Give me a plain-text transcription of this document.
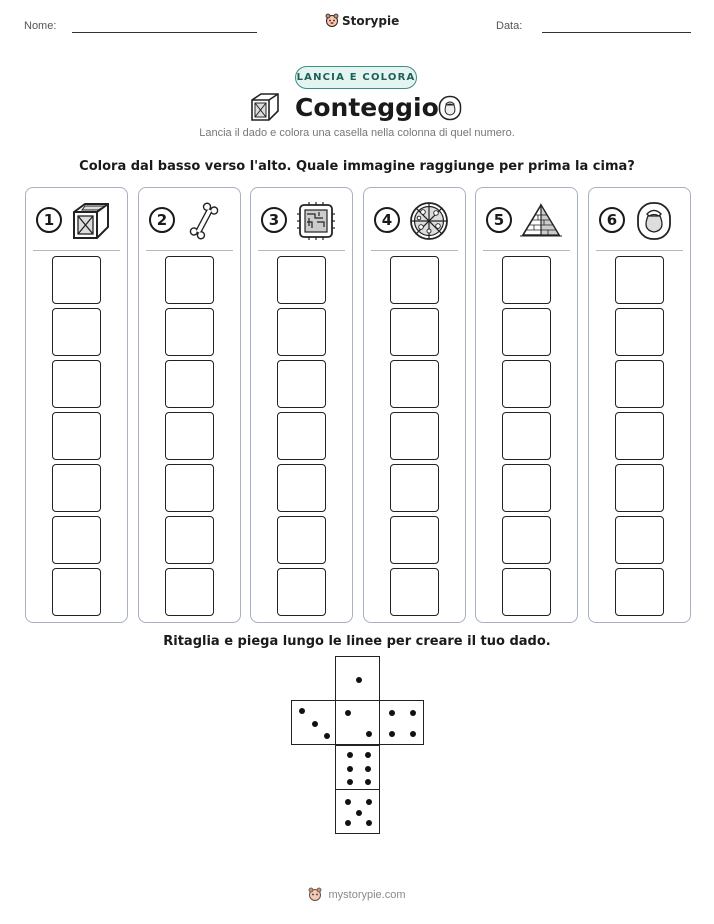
Nome:	Storypie	Data:
LANCIA E COLORA
Conteggio
Lancia il dado e colora una casella nella colonna di quel numero.
Colora dal basso verso l'alto. Quale immagine raggiunge per prima la cima?
1	2	3	4	5	6
Ritaglia e piega lungo le linee per creare il tuo dado.
mystorypie.com
